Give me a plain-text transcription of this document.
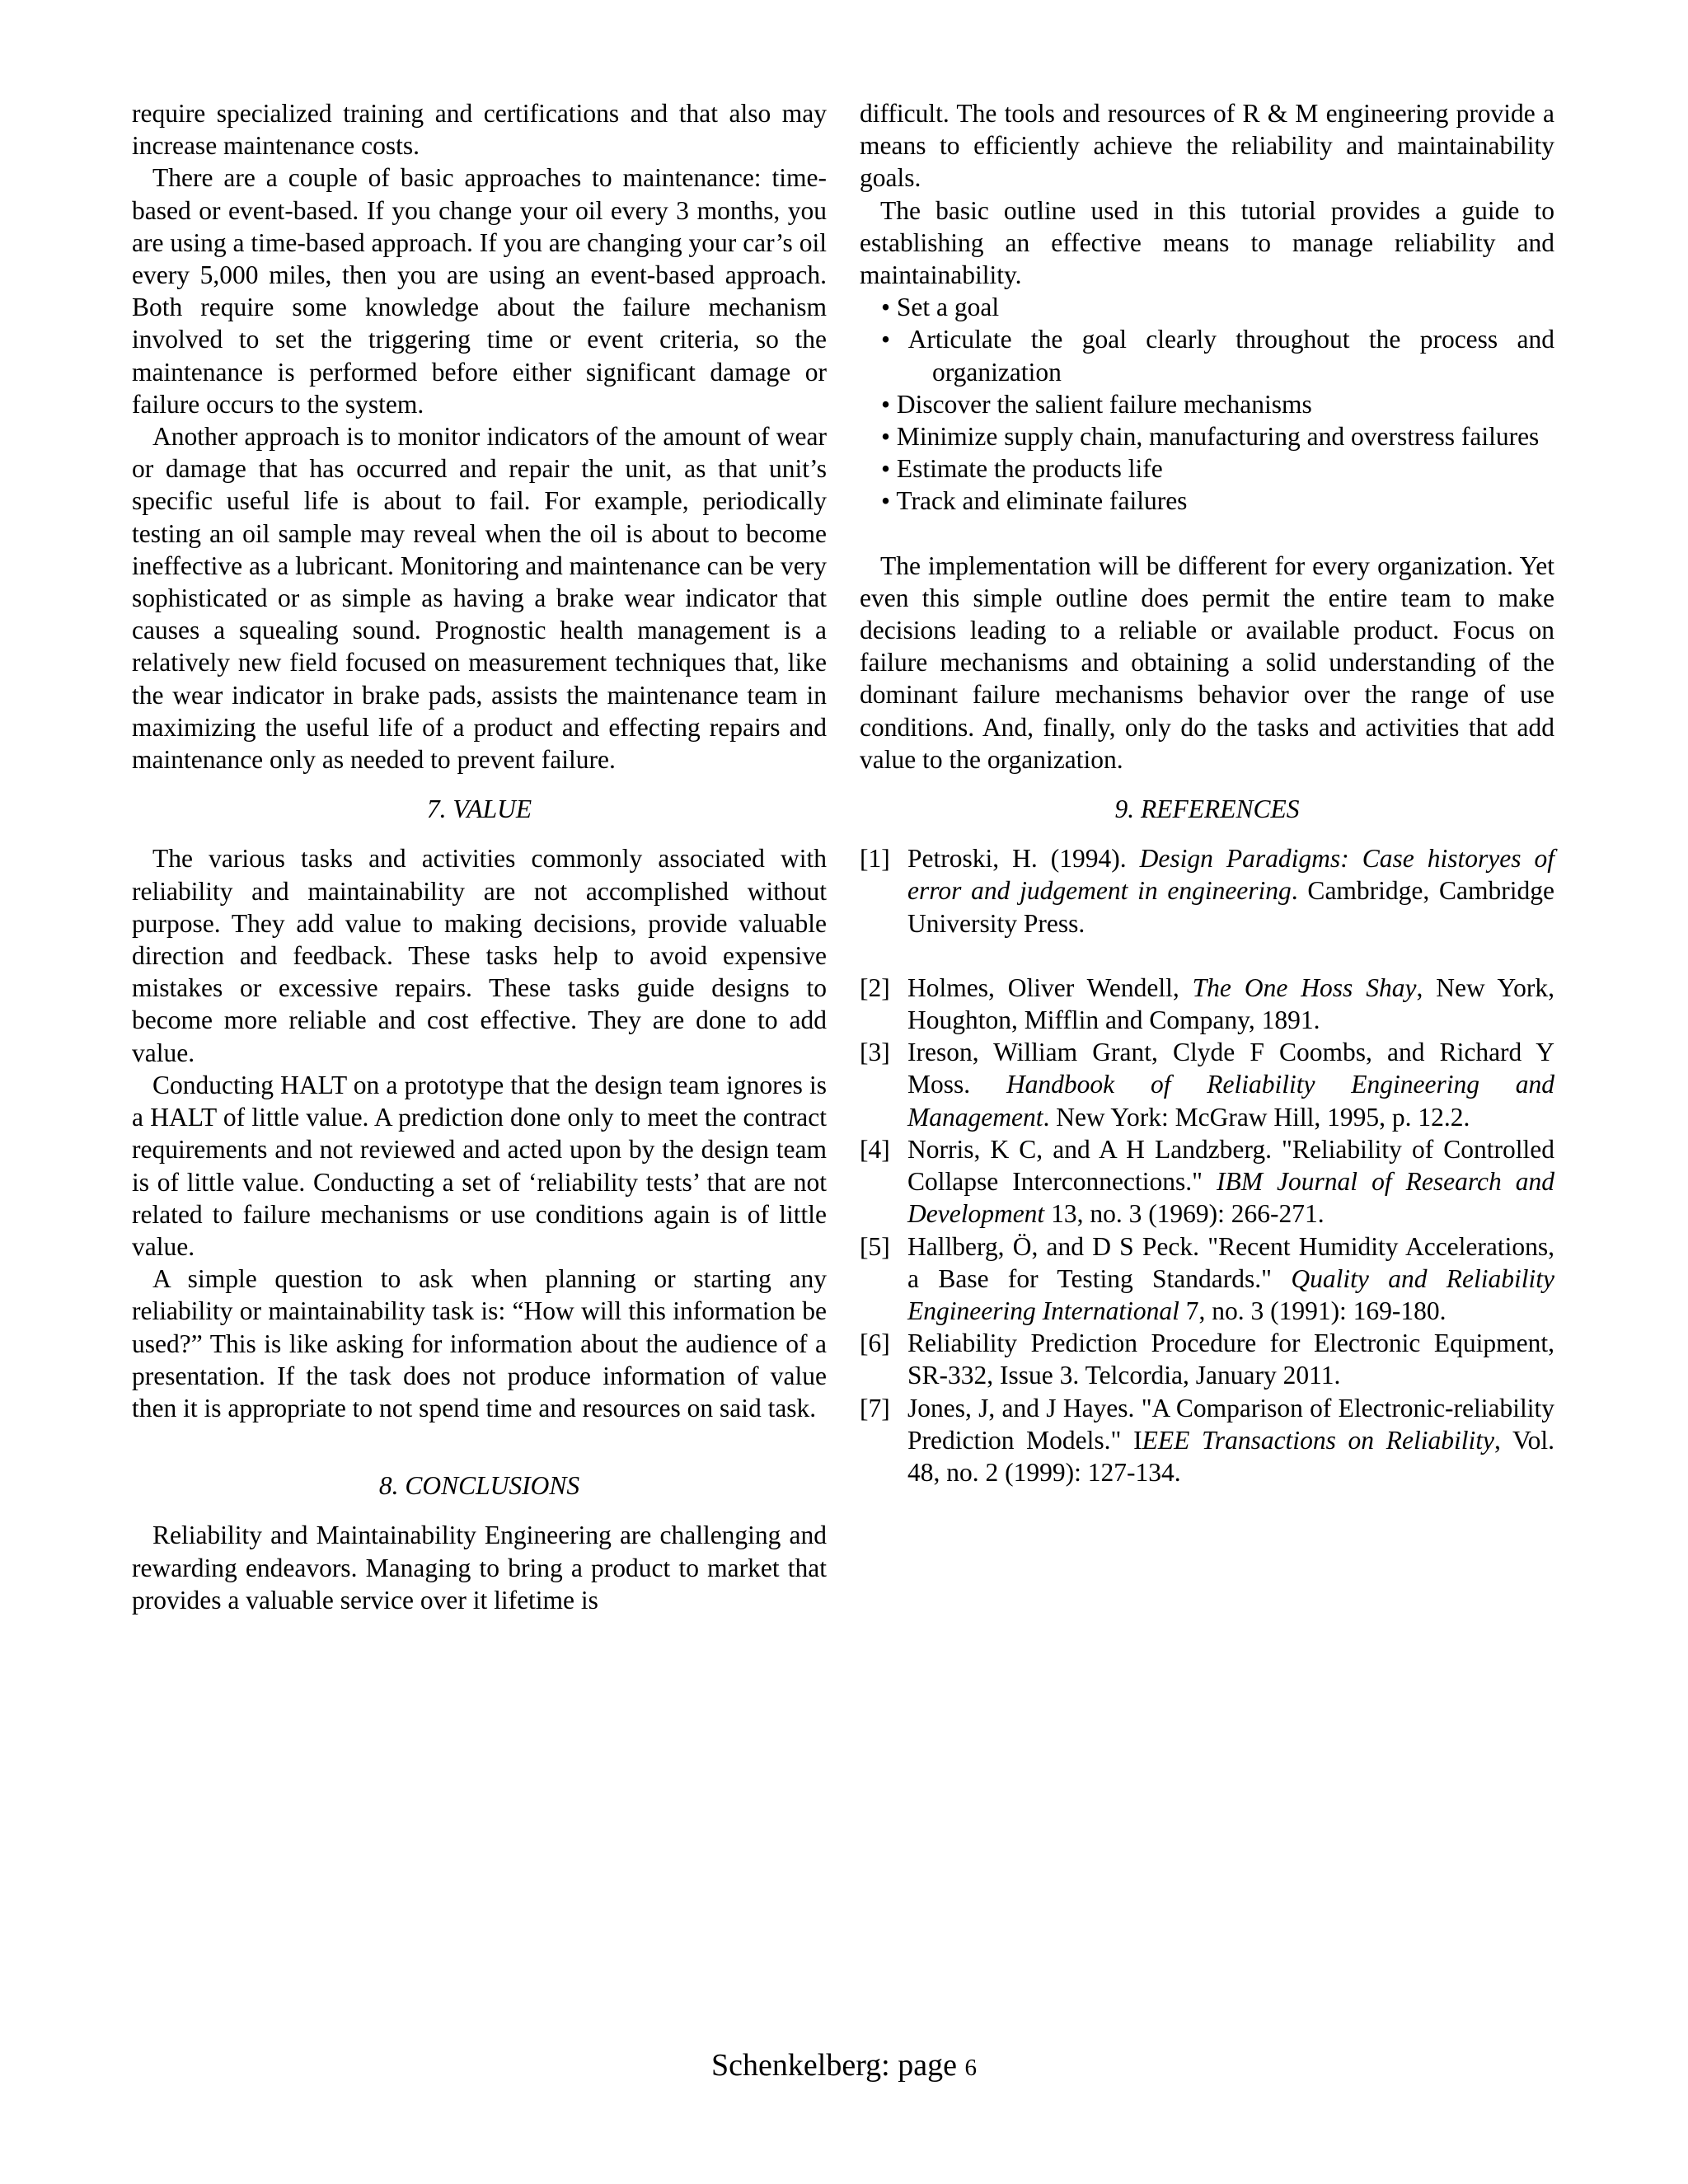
require specialized training and certifications and that also may increase maintenance costs.

There are a couple of basic approaches to maintenance: time-based or event-based. If you change your oil every 3 months, you are using a time-based approach. If you are changing your car’s oil every 5,000 miles, then you are using an event-based approach. Both require some knowledge about the failure mechanism involved to set the triggering time or event criteria, so the maintenance is performed before either significant damage or failure occurs to the system.

Another approach is to monitor indicators of the amount of wear or damage that has occurred and repair the unit, as that unit’s specific useful life is about to fail. For example, periodically testing an oil sample may reveal when the oil is about to become ineffective as a lubricant. Monitoring and maintenance can be very sophisticated or as simple as having a brake wear indicator that causes a squealing sound. Prognostic health management is a relatively new field focused on measurement techniques that, like the wear indicator in brake pads, assists the maintenance team in maximizing the useful life of a product and effecting repairs and maintenance only as needed to prevent failure.

7. VALUE

The various tasks and activities commonly associated with reliability and maintainability are not accomplished without purpose. They add value to making decisions, provide valuable direction and feedback. These tasks help to avoid expensive mistakes or excessive repairs. These tasks guide designs to become more reliable and cost effective. They are done to add value.

Conducting HALT on a prototype that the design team ignores is a HALT of little value. A prediction done only to meet the contract requirements and not reviewed and acted upon by the design team is of little value. Conducting a set of ‘reliability tests’ that are not related to failure mechanisms or use conditions again is of little value.

A simple question to ask when planning or starting any reliability or maintainability task is: “How will this information be used?” This is like asking for information about the audience of a presentation. If the task does not produce information of value then it is appropriate to not spend time and resources on said task.

8. CONCLUSIONS

Reliability and Maintainability Engineering are challenging and rewarding endeavors. Managing to bring a product to market that provides a valuable service over it lifetime is

difficult. The tools and resources of R & M engineering provide a means to efficiently achieve the reliability and maintainability goals.

The basic outline used in this tutorial provides a guide to establishing an effective means to manage reliability and maintainability.

• Set a goal
• Articulate the goal clearly throughout the process and organization
• Discover the salient failure mechanisms
• Minimize supply chain, manufacturing and overstress failures
• Estimate the products life
• Track and eliminate failures

The implementation will be different for every organization. Yet even this simple outline does permit the entire team to make decisions leading to a reliable or available product. Focus on failure mechanisms and obtaining a solid understanding of the dominant failure mechanisms behavior over the range of use conditions. And, finally, only do the tasks and activities that add value to the organization.

9. REFERENCES
[1] Petroski, H. (1994). Design Paradigms: Case historyes of error and judgement in engineering. Cambridge, Cambridge University Press.
[2] Holmes, Oliver Wendell, The One Hoss Shay, New York, Houghton, Mifflin and Company, 1891.
[3] Ireson, William Grant, Clyde F Coombs, and Richard Y Moss. Handbook of Reliability Engineering and Management. New York: McGraw Hill, 1995, p. 12.2.
[4] Norris, K C, and A H Landzberg. "Reliability of Controlled Collapse Interconnections." IBM Journal of Research and Development 13, no. 3 (1969): 266-271.
[5] Hallberg, Ö, and D S Peck. "Recent Humidity Accelerations, a Base for Testing Standards." Quality and Reliability Engineering International 7, no. 3 (1991): 169-180.
[6] Reliability Prediction Procedure for Electronic Equipment, SR-332, Issue 3. Telcordia, January 2011.
[7] Jones, J, and J Hayes. "A Comparison of Electronic-reliability Prediction Models." IEEE Transactions on Reliability, Vol. 48, no. 2 (1999): 127-134.
Schenkelberg: page 6
